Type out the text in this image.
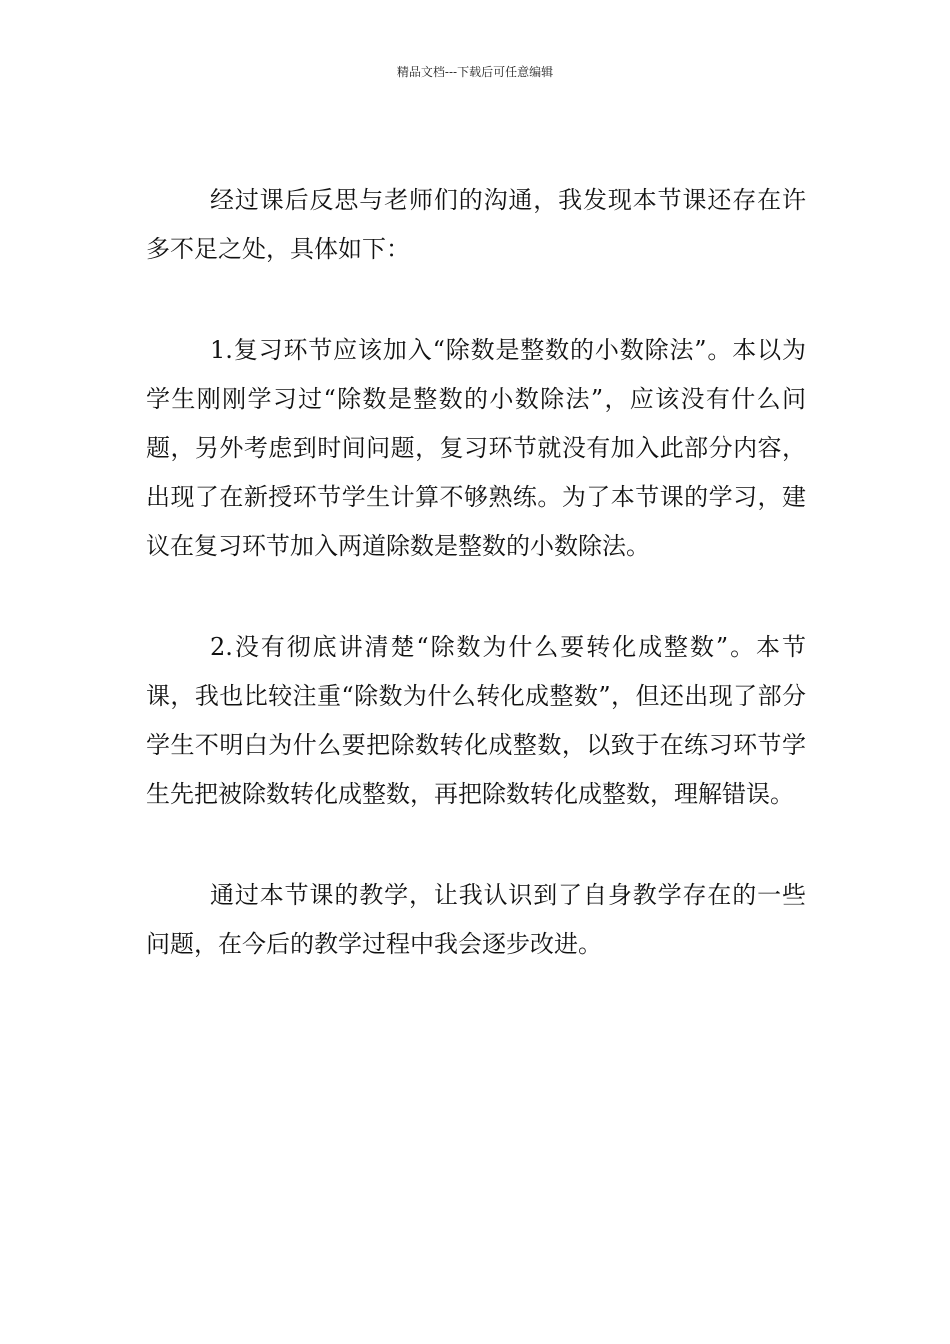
精品文档---下载后可任意编辑

经过课后反思与老师们的沟通，我发现本节课还存在许多不足之处，具体如下：

1.复习环节应该加入“除数是整数的小数除法”。本以为学生刚刚学习过“除数是整数的小数除法”，应该没有什么问题，另外考虑到时间问题，复习环节就没有加入此部分内容，出现了在新授环节学生计算不够熟练。为了本节课的学习，建议在复习环节加入两道除数是整数的小数除法。

2.没有彻底讲清楚“除数为什么要转化成整数”。本节课，我也比较注重“除数为什么转化成整数”，但还出现了部分学生不明白为什么要把除数转化成整数，以致于在练习环节学生先把被除数转化成整数，再把除数转化成整数，理解错误。

通过本节课的教学，让我认识到了自身教学存在的一些问题，在今后的教学过程中我会逐步改进。
